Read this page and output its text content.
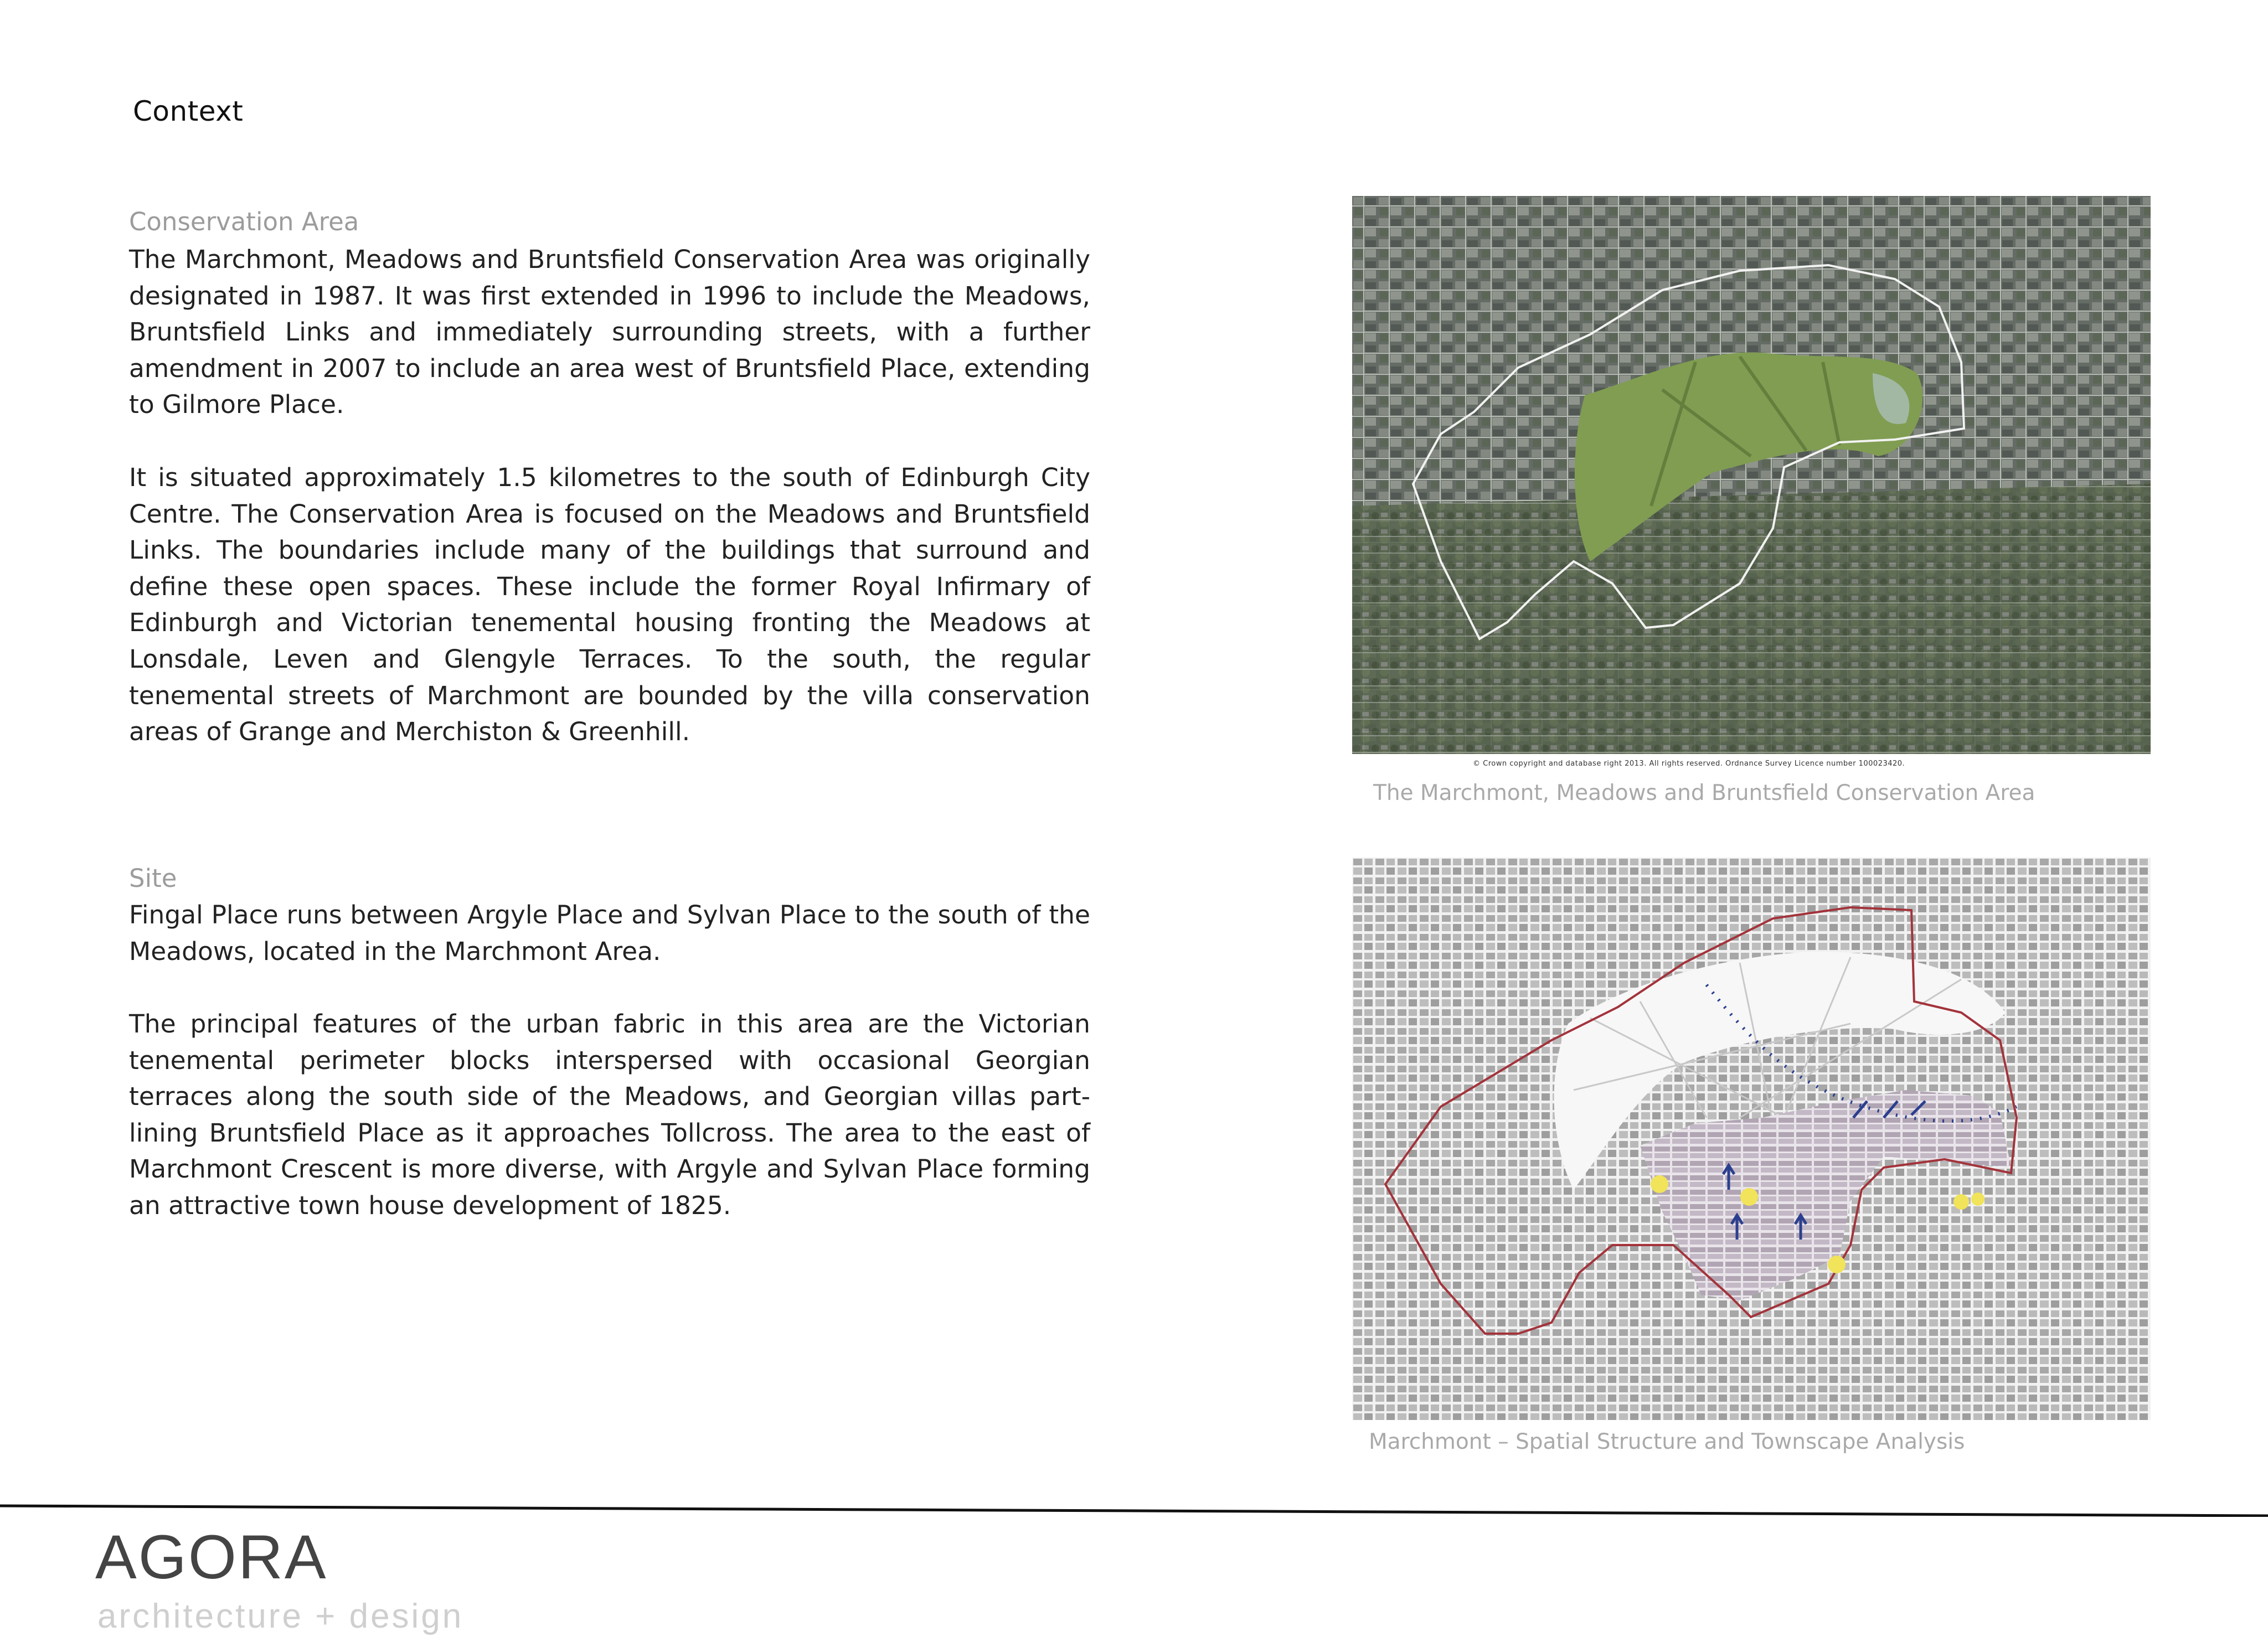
Context
Conservation Area
The Marchmont, Meadows and Bruntsfield Conservation Area was originally designated in 1987. It was first extended in 1996 to include the Meadows, Bruntsfield Links and immediately surrounding streets, with a further amendment in 2007 to include an area west of Bruntsfield Place, extending to Gilmore Place.
It is situated approximately 1.5 kilometres to the south of Edinburgh City Centre. The Conservation Area is focused on the Meadows and Bruntsfield Links. The boundaries include many of the buildings that surround and define these open spaces. These include the former Royal Infirmary of Edinburgh and Victorian tenemental housing fronting the Meadows at Lonsdale, Leven and Glengyle Terraces. To the south, the regular tenemental streets of Marchmont are bounded by the villa conservation areas of Grange and Merchiston & Greenhill.
Site
Fingal Place runs between Argyle Place and Sylvan Place to the south of the Meadows, located in the Marchmont Area.
The principal features of the urban fabric in this area are the Victorian tenemental perimeter blocks interspersed with occasional Georgian terraces along the south side of the Meadows, and Georgian villas part-lining Bruntsfield Place as it approaches Tollcross. The area to the east of Marchmont Crescent is more diverse, with Argyle and Sylvan Place forming an attractive town house development of 1825.
© Crown copyright and database right 2013. All rights reserved. Ordnance Survey Licence number 100023420.
The Marchmont, Meadows and Bruntsfield Conservation Area
Marchmont – Spatial Structure and Townscape Analysis
AGORA
architecture + design
